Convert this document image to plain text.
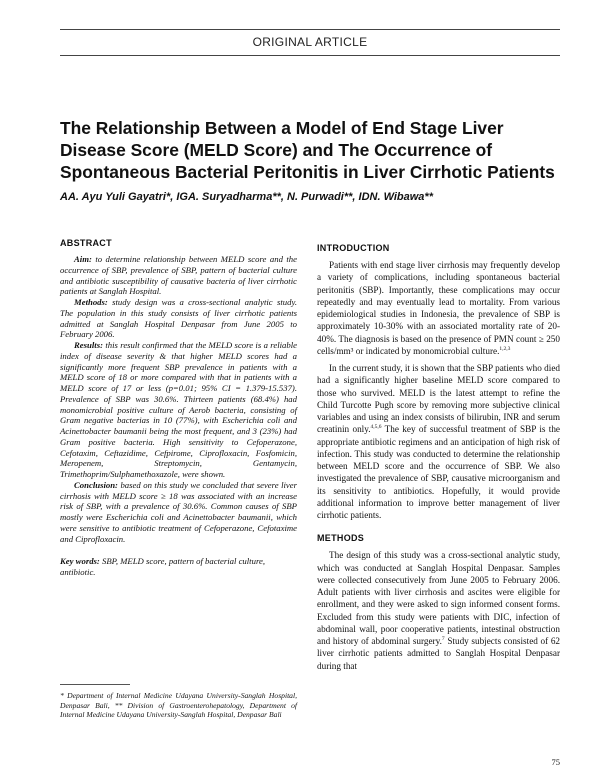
ORIGINAL ARTICLE
The Relationship Between a Model of End Stage Liver Disease Score (MELD Score) and The Occurrence of Spontaneous Bacterial Peritonitis in Liver Cirrhotic Patients
AA. Ayu Yuli Gayatri*, IGA. Suryadharma**, N. Purwadi**, IDN. Wibawa**
ABSTRACT

Aim: to determine relationship between MELD score and the occurrence of SBP, prevalence of SBP, pattern of bacterial culture and antibiotic susceptibility of causative bacteria of liver cirrhotic patients at Sanglah Hospital.

Methods: study design was a cross-sectional analytic study. The population in this study consists of liver cirrhotic patients admitted at Sanglah Hospital Denpasar from June 2005 to February 2006.

Results: this result confirmed that the MELD score is a reliable index of disease severity & that higher MELD scores had a significantly more frequent SBP prevalence in patients with a MELD score of 18 or more compared with that in patients with a MELD score of 17 or less (p=0.01; 95% CI = 1.379-15.537). Prevalence of SBP was 30.6%. Thirteen patients (68.4%) had monomicrobial positive culture of Aerob bacteria, consisting of Gram negative bacterias in 10 (77%), with Escherichia coli and Acinettobacter baumanii being the most frequent, and 3 (23%) had Gram positive bacteria. High sensitivity to Cefoperazone, Cefotaxim, Ceftazidime, Cefpirome, Ciprofloxacin, Fosfomicin, Meropenem, Streptomycin, Gentamycin, Trimethoprim/Sulphamethoxazole, were shown.

Conclusion: based on this study we concluded that severe liver cirrhosis with MELD score ≥ 18 was associated with an increase risk of SBP, with a prevalence of 30.6%. Common causes of SBP mostly were Escherichia coli and Acinettobacter baumanii, which were sensitive to antibiotic treatment of Cefoperazone, Cefotaxime and Ciprofloxacin.

Key words: SBP, MELD score, pattern of bacterial culture, antibiotic.
* Department of Internal Medicine Udayana University-Sanglah Hospital, Denpasar Bali, ** Division of Gastroenterohepatology, Department of Internal Medicine Udayana University-Sanglah Hospital, Denpasar Bali
INTRODUCTION

Patients with end stage liver cirrhosis may frequently develop a variety of complications, including spontaneous bacterial peritonitis (SBP). Importantly, these complications may occur repeatedly and may eventually lead to mortality. From various epidemiological studies in Indonesia, the prevalence of SBP is approximately 10-30% with an associated mortality rate of 20-40%. The diagnosis is based on the presence of PMN count ≥ 250 cells/mm³ or indicated by monomicrobial culture.$^{1,2,3}$

In the current study, it is shown that the SBP patients who died had a significantly higher baseline MELD score compared to those who survived. MELD is the latest attempt to refine the Child Turcotte Pugh score by removing more subjective clinical variables and using an index consists of bilirubin, INR and serum creatinin only.$^{4,5,6}$ The key of successful treatment of SBP is the appropriate antibiotic regimens and an anticipation of high risk of infection. This study was conducted to determine the relationship between MELD score and the occurrence of SBP. We also investigated the prevalence of SBP, causative microorganism and its sensitivity to antibiotics. Hopefully, it would provide additional information to improve better management of liver cirrhotic patients.

METHODS

The design of this study was a cross-sectional analytic study, which was conducted at Sanglah Hospital Denpasar. Samples were collected consecutively from June 2005 to February 2006. Adult patients with liver cirrhosis and ascites were eligible for enrollment, and they were asked to sign informed consent forms. Excluded from this study were patients with DIC, infection of abdominal wall, poor cooperative patients, intestinal obstruction and history of abdominal surgery.$^7$ Study subjects consisted of 62 liver cirrhotic patients admitted to Sanglah Hospital Denpasar during that

75
